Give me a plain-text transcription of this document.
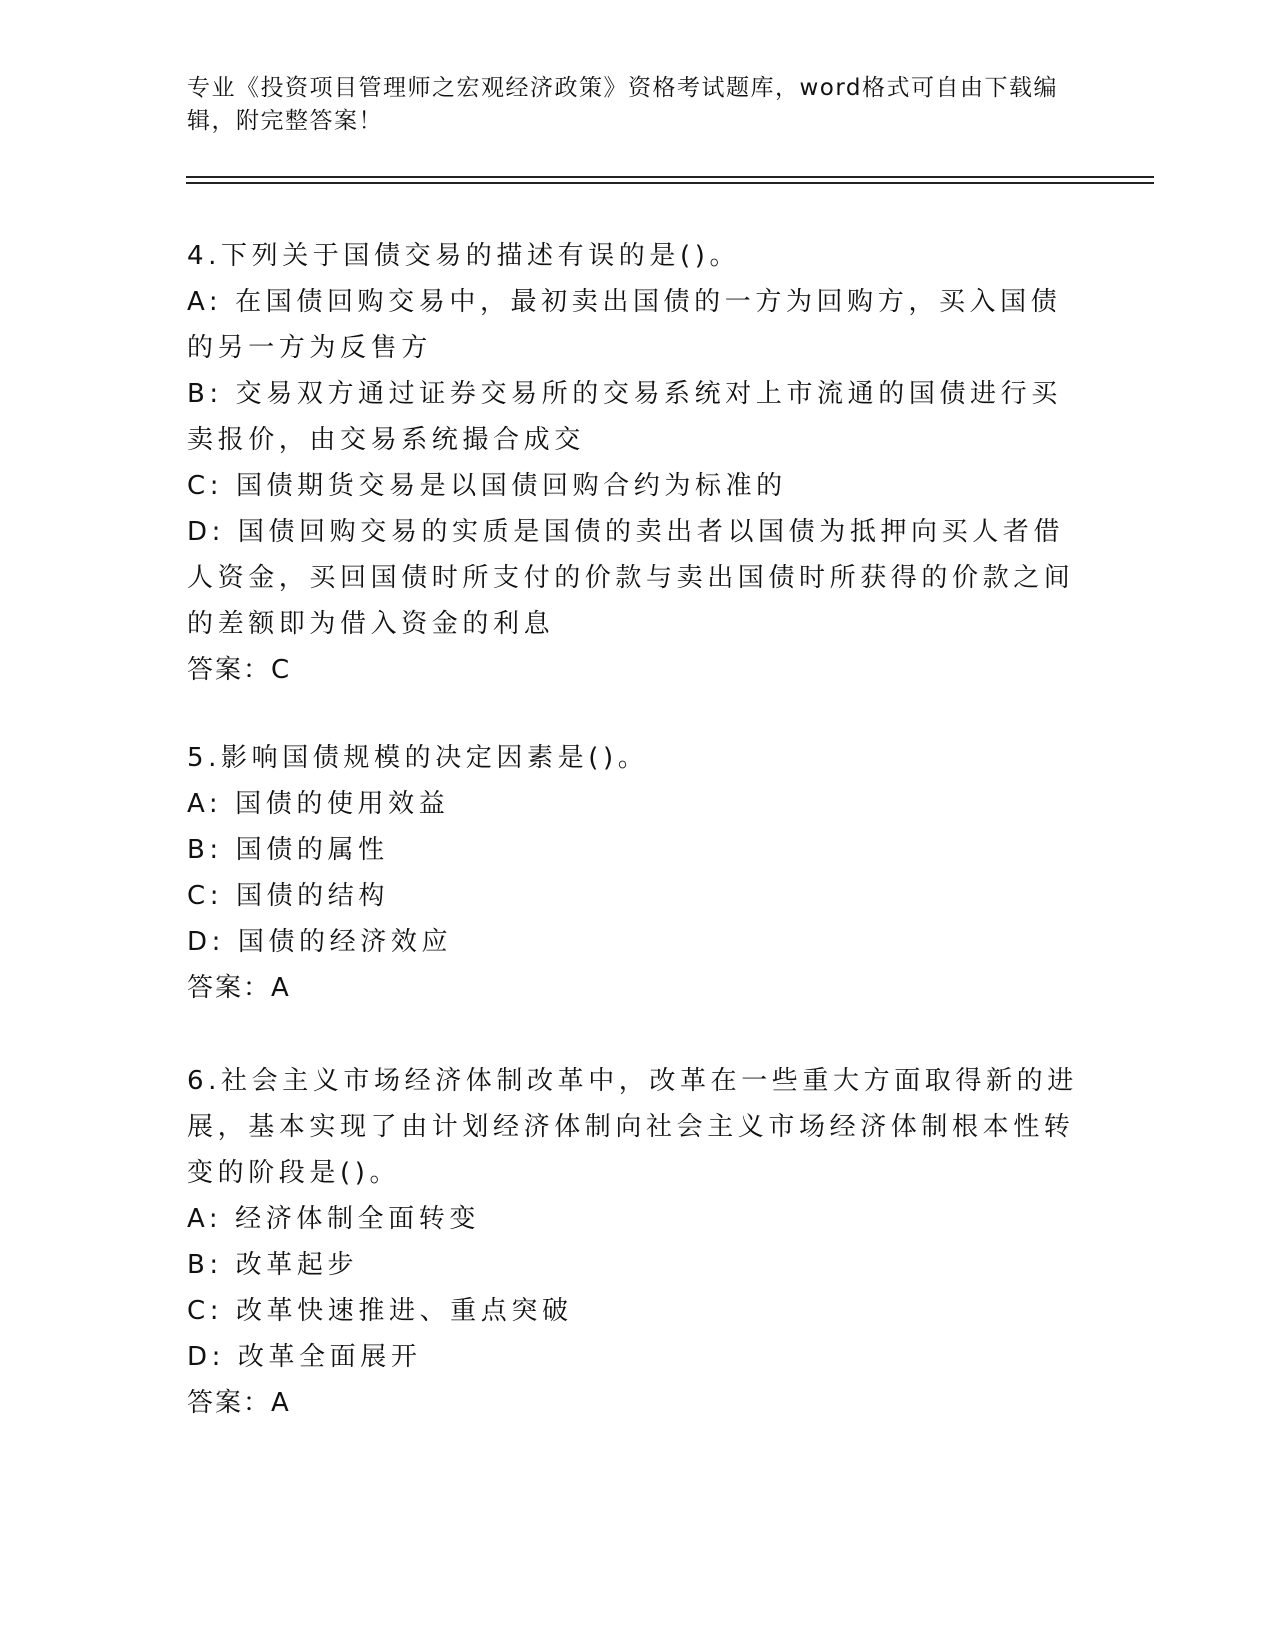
专业《投资项目管理师之宏观经济政策》资格考试题库，word格式可自由下载编辑，附完整答案！

4.下列关于国债交易的描述有误的是()。

A: 在国债回购交易中，最初卖出国债的一方为回购方，买入国债的另一方为反售方

B: 交易双方通过证券交易所的交易系统对上市流通的国债进行买卖报价，由交易系统撮合成交

C: 国债期货交易是以国债回购合约为标准的

D: 国债回购交易的实质是国债的卖出者以国债为抵押向买人者借人资金，买回国债时所支付的价款与卖出国债时所获得的价款之间的差额即为借入资金的利息

答案：C

5.影响国债规模的决定因素是()。

A: 国债的使用效益

B: 国债的属性

C: 国债的结构

D: 国债的经济效应

答案：A

6.社会主义市场经济体制改革中，改革在一些重大方面取得新的进展，基本实现了由计划经济体制向社会主义市场经济体制根本性转变的阶段是()。

A: 经济体制全面转变

B: 改革起步

C: 改革快速推进、重点突破

D: 改革全面展开

答案：A
